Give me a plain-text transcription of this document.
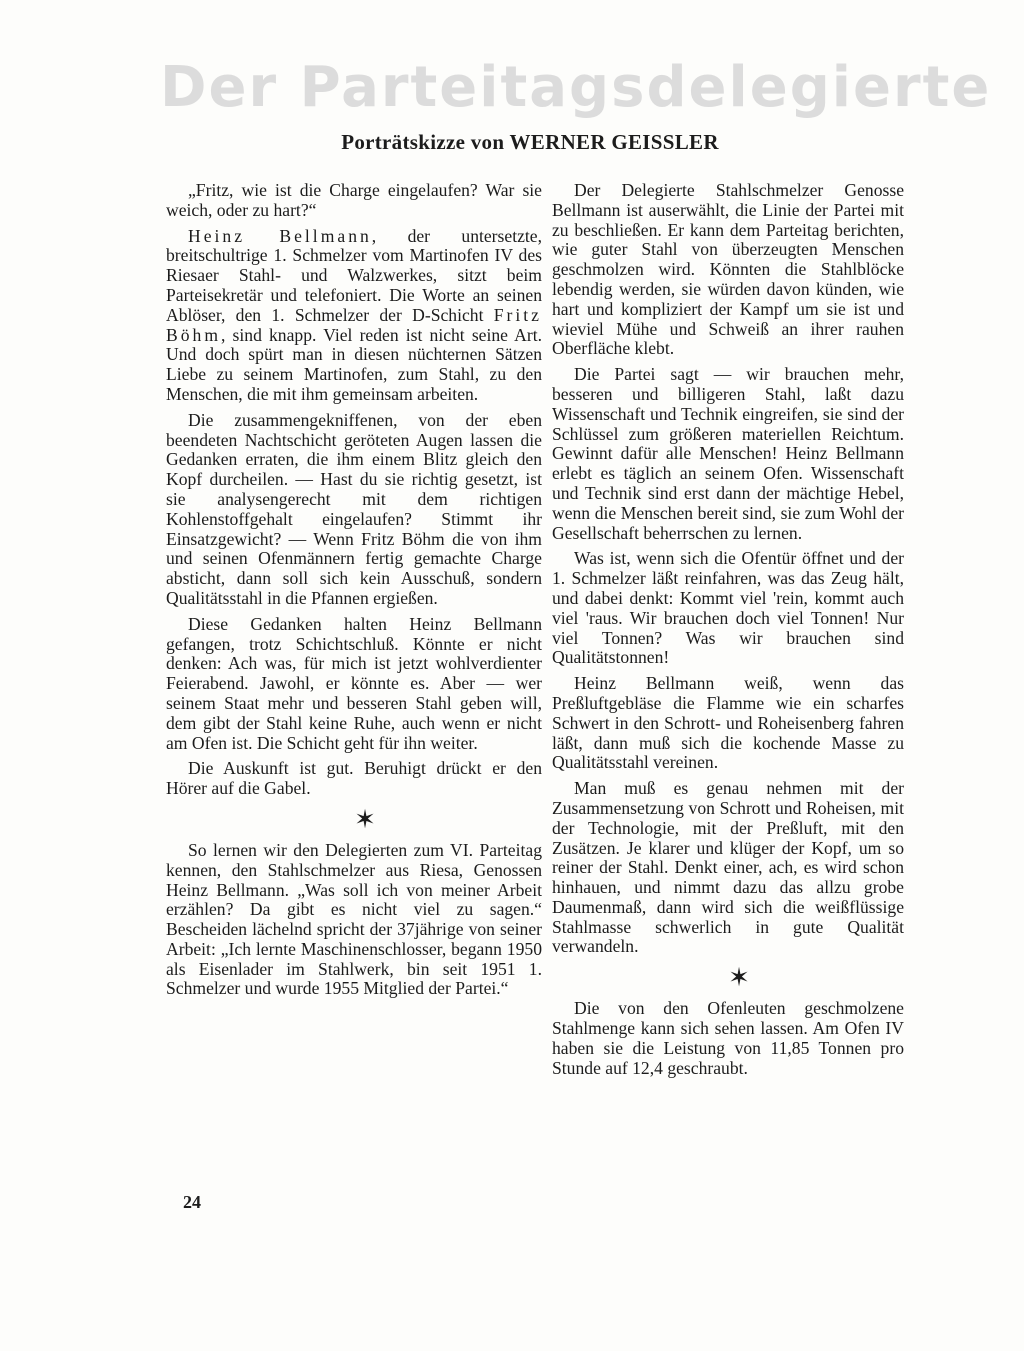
Der Parteitagsdelegierte
Porträtskizze von WERNER GEISSLER

„Fritz, wie ist die Charge eingelaufen? War sie weich, oder zu hart?“

Heinz Bellmann, der untersetzte, breitschultrige 1. Schmelzer vom Martinofen IV des Riesaer Stahl- und Walzwerkes, sitzt beim Parteisekretär und telefoniert. Die Worte an seinen Ablöser, den 1. Schmelzer der D-Schicht Fritz Böhm, sind knapp. Viel reden ist nicht seine Art. Und doch spürt man in diesen nüchternen Sätzen Liebe zu seinem Martinofen, zum Stahl, zu den Menschen, die mit ihm gemeinsam arbeiten.

Die zusammengekniffenen, von der eben beendeten Nachtschicht geröteten Augen lassen die Gedanken erraten, die ihm einem Blitz gleich den Kopf durcheilen. — Hast du sie richtig gesetzt, ist sie analysengerecht mit dem richtigen Kohlenstoffgehalt eingelaufen? Stimmt ihr Einsatzgewicht? — Wenn Fritz Böhm die von ihm und seinen Ofenmännern fertig gemachte Charge absticht, dann soll sich kein Ausschuß, sondern Qualitätsstahl in die Pfannen ergießen.

Diese Gedanken halten Heinz Bellmann gefangen, trotz Schichtschluß. Könnte er nicht denken: Ach was, für mich ist jetzt wohlverdienter Feierabend. Jawohl, er könnte es. Aber — wer seinem Staat mehr und besseren Stahl geben will, dem gibt der Stahl keine Ruhe, auch wenn er nicht am Ofen ist. Die Schicht geht für ihn weiter.

Die Auskunft ist gut. Beruhigt drückt er den Hörer auf die Gabel.

✶

So lernen wir den Delegierten zum VI. Parteitag kennen, den Stahlschmelzer aus Riesa, Genossen Heinz Bellmann. „Was soll ich von meiner Arbeit erzählen? Da gibt es nicht viel zu sagen.“ Bescheiden lächelnd spricht der 37jährige von seiner Arbeit: „Ich lernte Maschinenschlosser, begann 1950 als Eisenlader im Stahlwerk, bin seit 1951 1. Schmelzer und wurde 1955 Mitglied der Partei.“

Der Delegierte Stahlschmelzer Genosse Bellmann ist auserwählt, die Linie der Partei mit zu beschließen. Er kann dem Parteitag berichten, wie guter Stahl von überzeugten Menschen geschmolzen wird. Könnten die Stahlblöcke lebendig werden, sie würden davon künden, wie hart und kompliziert der Kampf um sie ist und wieviel Mühe und Schweiß an ihrer rauhen Oberfläche klebt.

Die Partei sagt — wir brauchen mehr, besseren und billigeren Stahl, laßt dazu Wissenschaft und Technik eingreifen, sie sind der Schlüssel zum größeren materiellen Reichtum. Gewinnt dafür alle Menschen! Heinz Bellmann erlebt es täglich an seinem Ofen. Wissenschaft und Technik sind erst dann der mächtige Hebel, wenn die Menschen bereit sind, sie zum Wohl der Gesellschaft beherrschen zu lernen.

Was ist, wenn sich die Ofentür öffnet und der 1. Schmelzer läßt reinfahren, was das Zeug hält, und dabei denkt: Kommt viel 'rein, kommt auch viel 'raus. Wir brauchen doch viel Tonnen! Nur viel Tonnen? Was wir brauchen sind Qualitätstonnen!

Heinz Bellmann weiß, wenn das Preßluftgebläse die Flamme wie ein scharfes Schwert in den Schrott- und Roheisenberg fahren läßt, dann muß sich die kochende Masse zu Qualitätsstahl vereinen.

Man muß es genau nehmen mit der Zusammensetzung von Schrott und Roheisen, mit der Technologie, mit der Preßluft, mit den Zusätzen. Je klarer und klüger der Kopf, um so reiner der Stahl. Denkt einer, ach, es wird schon hinhauen, und nimmt dazu das allzu grobe Daumenmaß, dann wird sich die weißflüssige Stahlmasse schwerlich in gute Qualität verwandeln.

✶

Die von den Ofenleuten geschmolzene Stahlmenge kann sich sehen lassen. Am Ofen IV haben sie die Leistung von 11,85 Tonnen pro Stunde auf 12,4 geschraubt.

24
